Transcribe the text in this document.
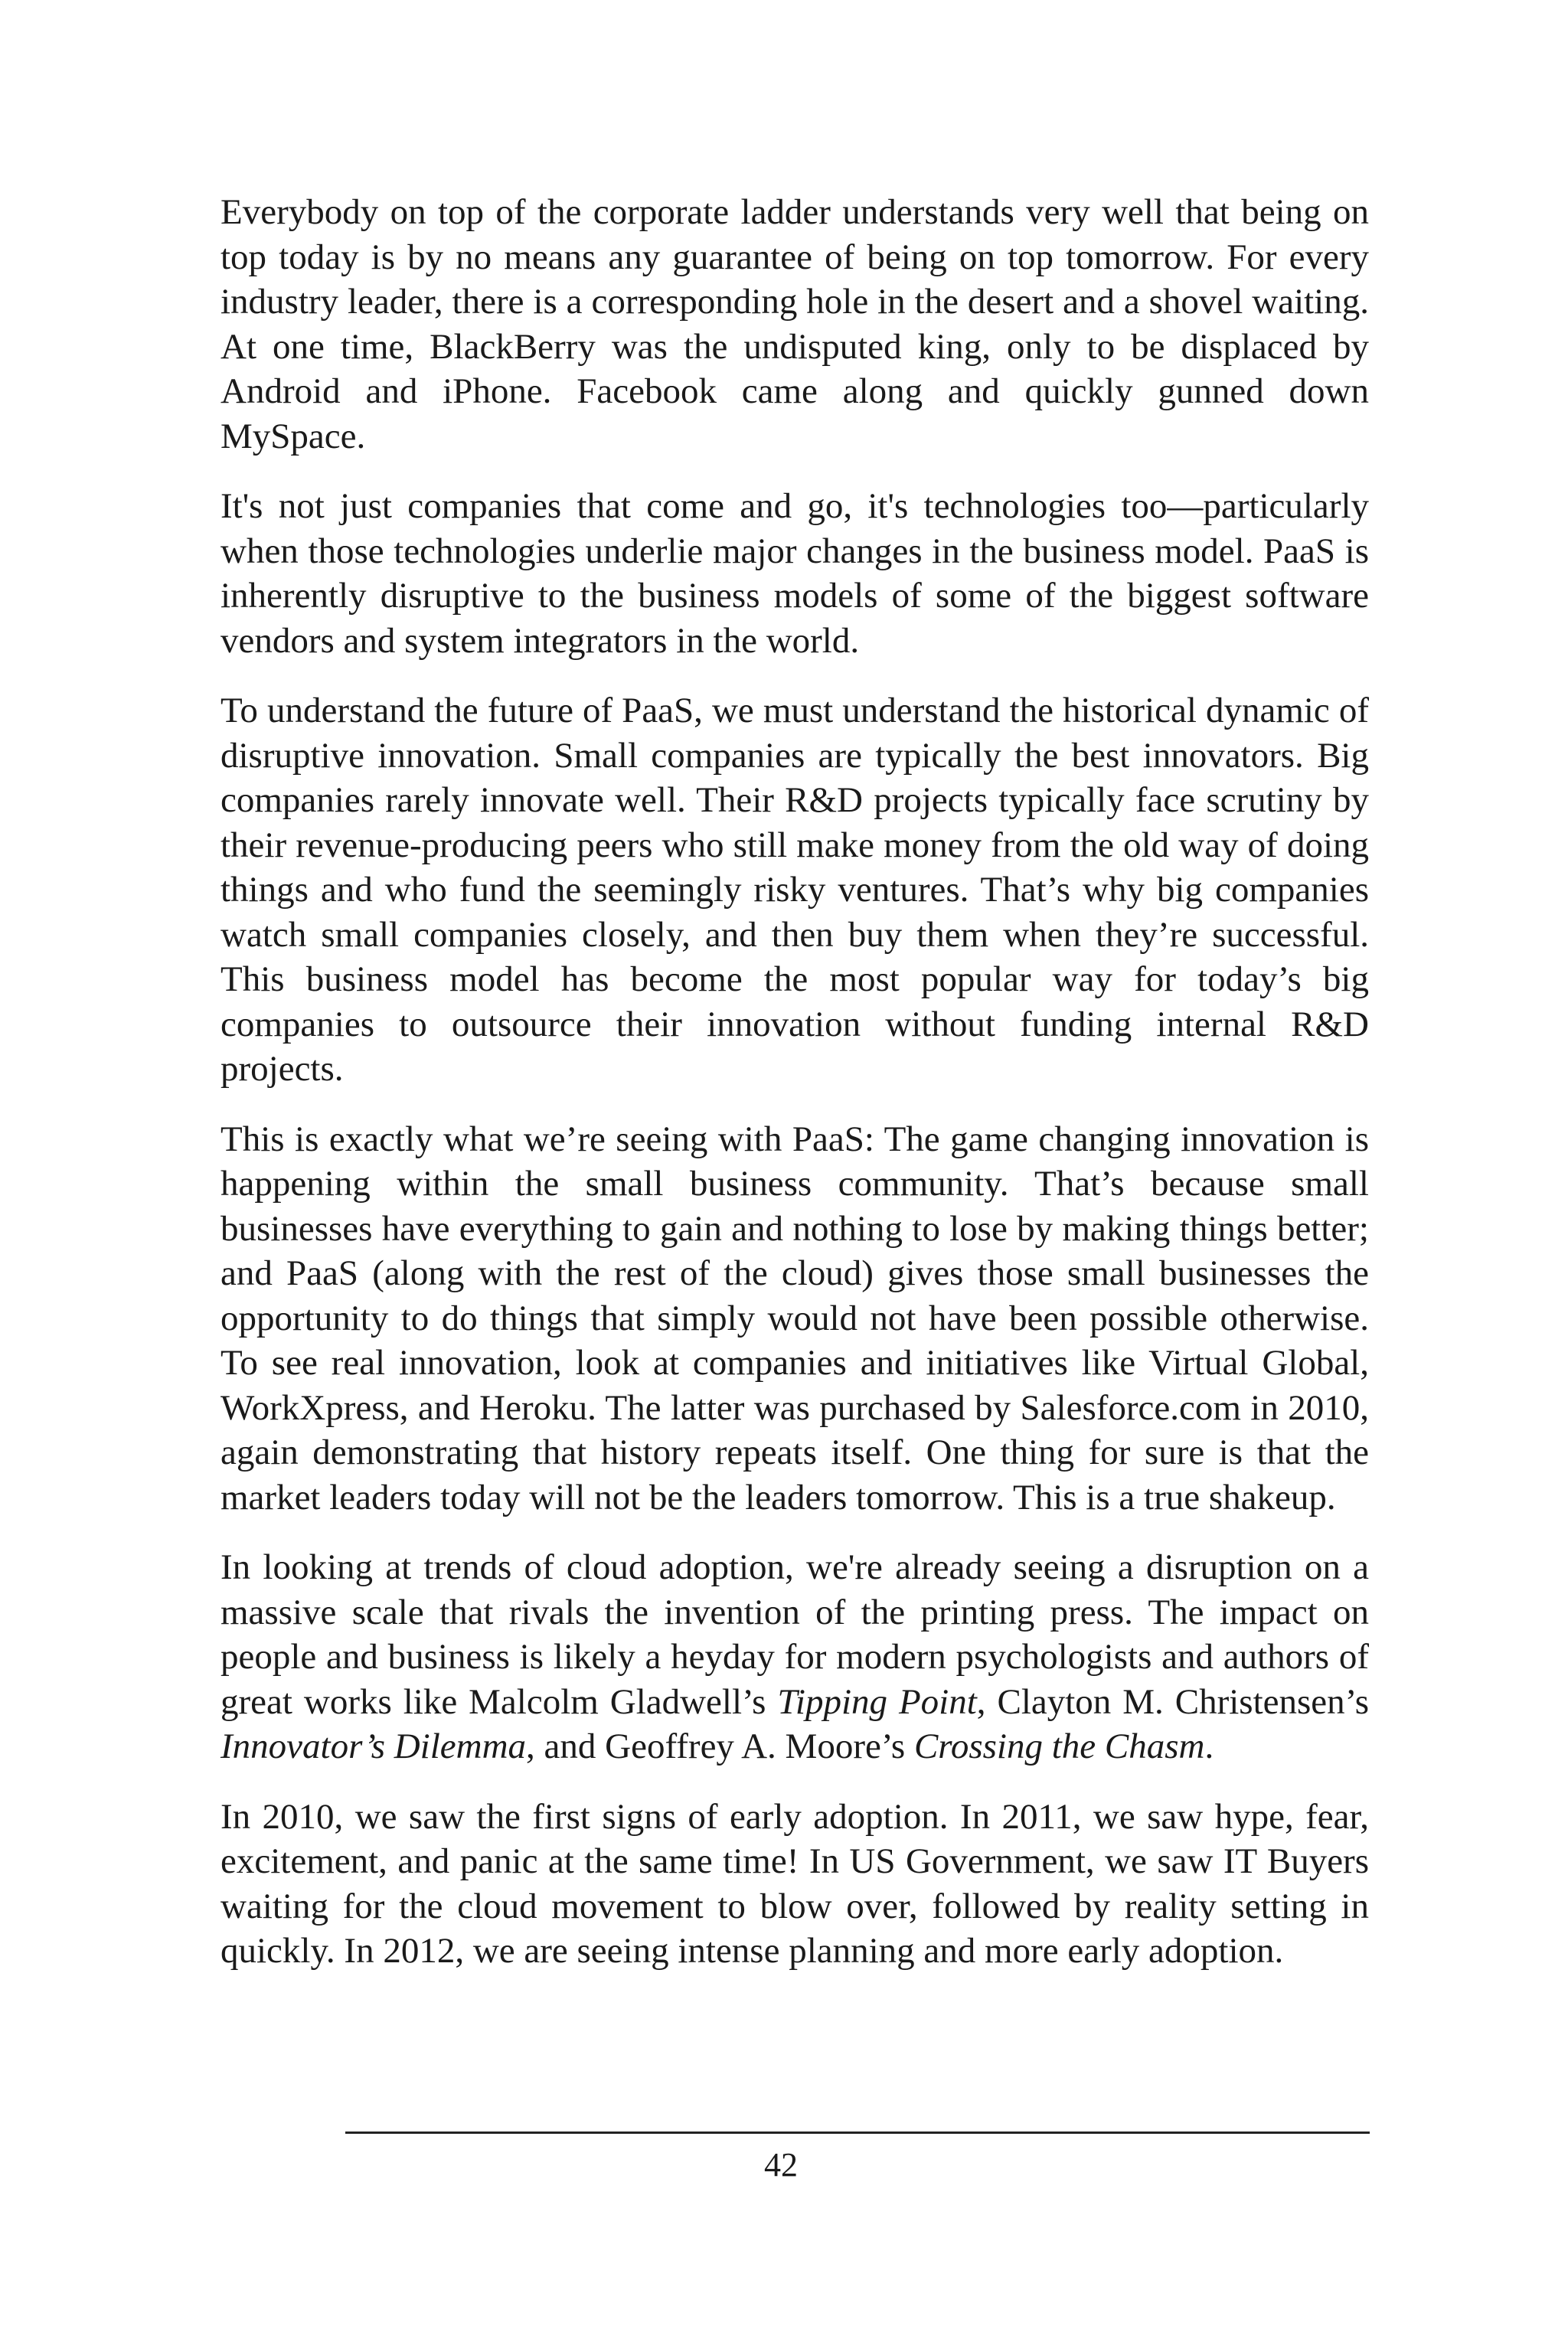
Everybody on top of the corporate ladder understands very well that being on top today is by no means any guarantee of being on top tomorrow. For every industry leader, there is a corresponding hole in the desert and a shovel waiting. At one time, BlackBerry was the undisputed king, only to be displaced by Android and iPhone. Facebook came along and quickly gunned down MySpace.

It's not just companies that come and go, it's technologies too—particularly when those technologies underlie major changes in the business model. PaaS is inherently disruptive to the business models of some of the biggest software vendors and system integrators in the world.

To understand the future of PaaS, we must understand the historical dynamic of disruptive innovation. Small companies are typically the best innovators. Big companies rarely innovate well. Their R&D projects typically face scrutiny by their revenue-producing peers who still make money from the old way of doing things and who fund the seemingly risky ventures. That’s why big companies watch small companies closely, and then buy them when they’re successful. This business model has become the most popular way for today’s big companies to outsource their innovation without funding internal R&D projects.

This is exactly what we’re seeing with PaaS: The game changing innovation is happening within the small business community. That’s because small businesses have everything to gain and nothing to lose by making things better; and PaaS (along with the rest of the cloud) gives those small businesses the opportunity to do things that simply would not have been possible otherwise. To see real innovation, look at companies and initiatives like Virtual Global, WorkXpress, and Heroku. The latter was purchased by Salesforce.com in 2010, again demonstrating that history repeats itself. One thing for sure is that the market leaders today will not be the leaders tomorrow. This is a true shakeup.

In looking at trends of cloud adoption, we're already seeing a disruption on a massive scale that rivals the invention of the printing press. The impact on people and business is likely a heyday for modern psychologists and authors of great works like Malcolm Gladwell’s Tipping Point, Clayton M. Christensen’s Innovator’s Dilemma, and Geoffrey A. Moore’s Crossing the Chasm.

In 2010, we saw the first signs of early adoption. In 2011, we saw hype, fear, excitement, and panic at the same time! In US Government, we saw IT Buyers waiting for the cloud movement to blow over, followed by reality setting in quickly. In 2012, we are seeing intense planning and more early adoption.

42
